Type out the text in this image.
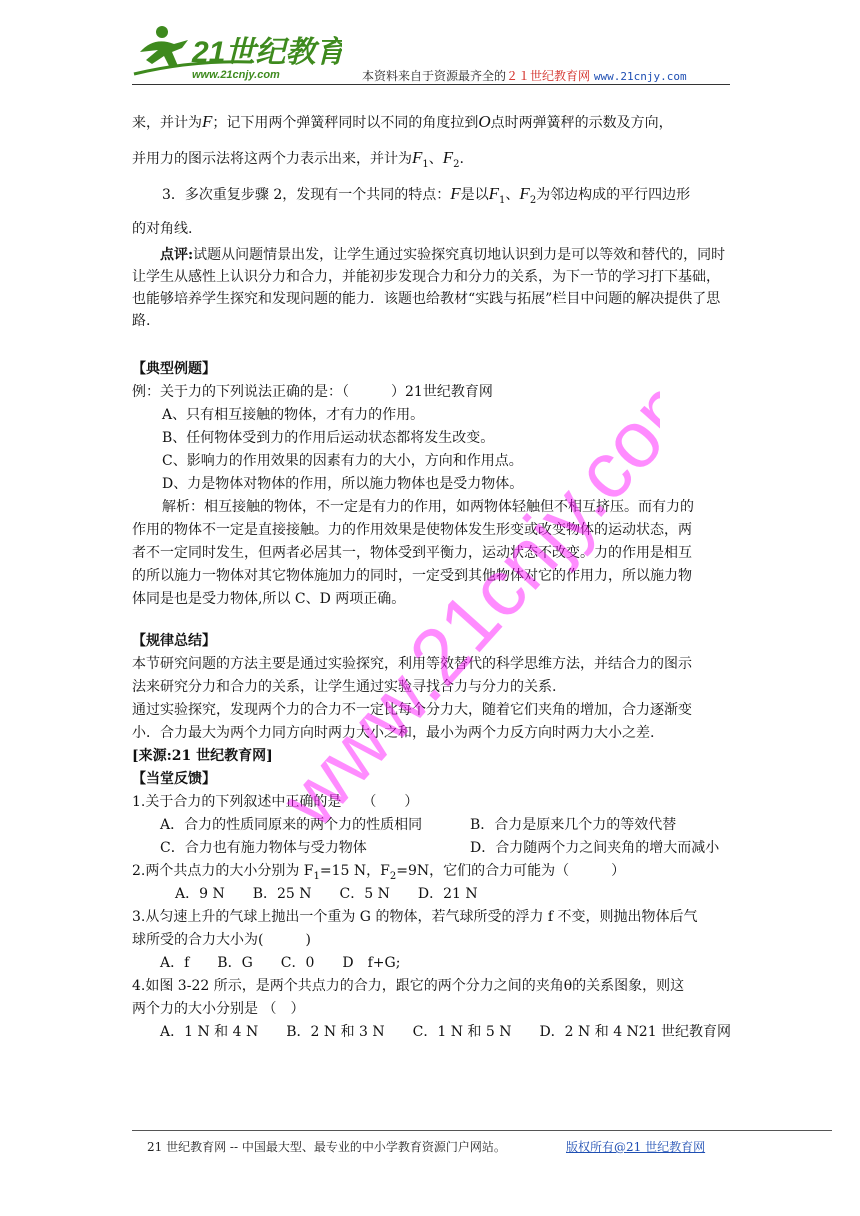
21世纪教育
www.21cnjy.com	本资料来自于资源最齐全的２１世纪教育网 www.21cnjy.com
来，并计为F；记下用两个弹簧秤同时以不同的角度拉到O点时两弹簧秤的示数及方向，
并用力的图示法将这两个力表示出来，并计为$F_1$、$F_2$.
3．多次重复步骤 2，发现有一个共同的特点：F是以$F_1$、$F_2$为邻边构成的平行四边形
的对角线.
点评:试题从问题情景出发，让学生通过实验探究真切地认识到力是可以等效和替代的，同时让学生从感性上认识分力和合力，并能初步发现合力和分力的关系，为下一节的学习打下基础，也能够培养学生探究和发现问题的能力．该题也给教材“实践与拓展”栏目中问题的解决提供了思路.
【典型例题】
例：关于力的下列说法正确的是：（　　　）21世纪教育网
A、只有相互接触的物体，才有力的作用。
B、任何物体受到力的作用后运动状态都将发生改变。
C、影响力的作用效果的因素有力的大小，方向和作用点。
D、力是物体对物体的作用，所以施力物体也是受力物体。
解析：相互接触的物体，不一定是有力的作用，如两物体轻触但不相互挤压。而有力的
作用的物体不一定是直接接触。力的作用效果是使物体发生形变或改变物体的运动状态，两
者不一定同时发生，但两者必居其一，物体受到平衡力，运动状态不改变。力的作用是相互
的所以施力一物体对其它物体施加力的同时，一定受到其他物体对它的作用力，所以施力物
体同是也是受力物体,所以 C、D 两项正确。
【规律总结】
本节研究问题的方法主要是通过实验探究，利用等效替代的科学思维方法，并结合力的图示
法来研究分力和合力的关系，让学生通过实验寻找合力与分力的关系.
通过实验探究，发现两个力的合力不一定比每个分力大，随着它们夹角的增加，合力逐渐变
小．合力最大为两个力同方向时两力大小之和，最小为两个力反方向时两力大小之差.
[来源:21 世纪教育网]
【当堂反馈】
1.关于合力的下列叙述中正确的是　　（　　）
A．合力的性质同原来的两个力的性质相同	B．合力是原来几个力的等效代替
C．合力也有施力物体与受力物体	D．合力随两个力之间夹角的增大而减小
2.两个共点力的大小分别为 $F_1=15$ N，$F_2=9N$，它们的合力可能为（　　　）
A．9 N　　B．25 N　　C．5 N　　D．21 N
3.从匀速上升的气球上抛出一个重为 G 的物体，若气球所受的浮力 f 不变，则抛出物体后气
球所受的合力大小为(　　　)
A．f　　B．G　　C．0　　D　f+G;
4.如图 3-22 所示，是两个共点力的合力，跟它的两个分力之间的夹角θ的关系图象，则这
两个力的大小分别是 （　）
A．1 N 和 4 N　　B．2 N 和 3 N　　C．1 N 和 5 N　　D．2 N 和 4 N21 世纪教育网
www.21cnjy.com
21 世纪教育网 -- 中国最大型、最专业的中小学教育资源门户网站。	版权所有@21 世纪教育网
